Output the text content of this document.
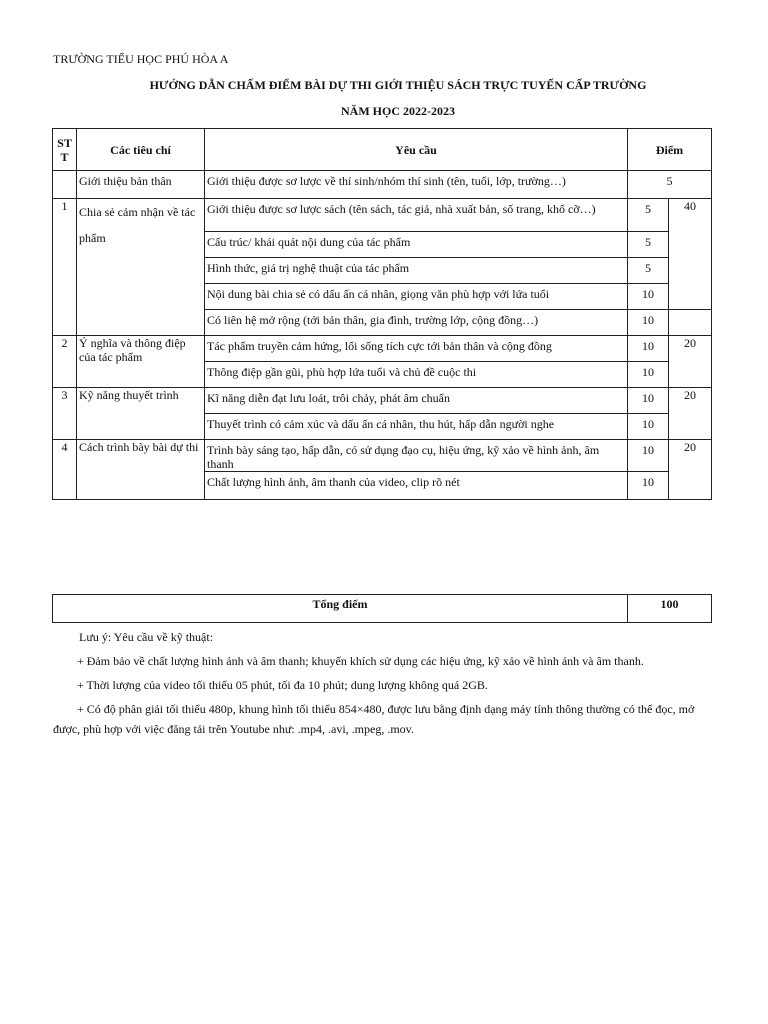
TRƯỜNG TIỂU HỌC PHÚ HÒA A
HƯỚNG DẪN CHẤM ĐIỂM BÀI DỰ THI GIỚI THIỆU SÁCH TRỰC TUYẾN CẤP TRƯỜNG
NĂM HỌC 2022-2023
ST T	Các tiêu chí	Yêu cầu	Điểm	
	Giới thiệu bản thân	Giới thiệu được sơ lược về thí sinh/nhóm thí sinh (tên, tuổi, lớp, trường…)	5	
1	Chia sẻ cảm nhận về tác phẩm	Giới thiệu được sơ lược sách (tên sách, tác giả, nhà xuất bản, số trang, khổ cỡ…)	5	40
		Cấu trúc/ khái quát nội dung của tác phẩm	5	
		Hình thức, giá trị nghệ thuật của tác phẩm	5	
		Nội dung bài chia sẻ có dấu ấn cá nhân, giọng văn phù hợp với lứa tuổi	10	
		Có liên hệ mở rộng (tới bản thân, gia đình, trường lớp, cộng đồng…)	10	
2	Ý nghĩa và thông điệp của tác phẩm	Tác phẩm truyền cảm hứng, lối sống tích cực tới bản thân và cộng đồng	10	20
		Thông điệp gần gũi, phù hợp lứa tuổi và chủ đề cuộc thi	10	
3	Kỹ năng thuyết trình	Kĩ năng diễn đạt lưu loát, trôi chảy, phát âm chuẩn	10	20
		Thuyết trình có cảm xúc và dấu ấn cá nhân, thu hút, hấp dẫn người nghe	10	
4	Cách trình bày bài dự thi	Trình bày sáng tạo, hấp dẫn, có sử dụng đạo cụ, hiệu ứng, kỹ xảo về hình ảnh, âm thanh	10	20
		Chất lượng hình ảnh, âm thanh của video, clip rõ nét	10	
Tổng điểm	100

Lưu ý: Yêu cầu về kỹ thuật:

+ Đảm bảo về chất lượng hình ảnh và âm thanh; khuyến khích sử dụng các hiệu ứng, kỹ xảo về hình ảnh và âm thanh.

+ Thời lượng của video tối thiểu 05 phút, tối đa 10 phút; dung lượng không quá 2GB.

+ Có độ phân giải tối thiểu 480p, khung hình tối thiểu 854×480, được lưu bằng định dạng máy tính thông thường có thể đọc, mở được, phù hợp với việc đăng tải trên Youtube như: .mp4, .avi, .mpeg, .mov.
